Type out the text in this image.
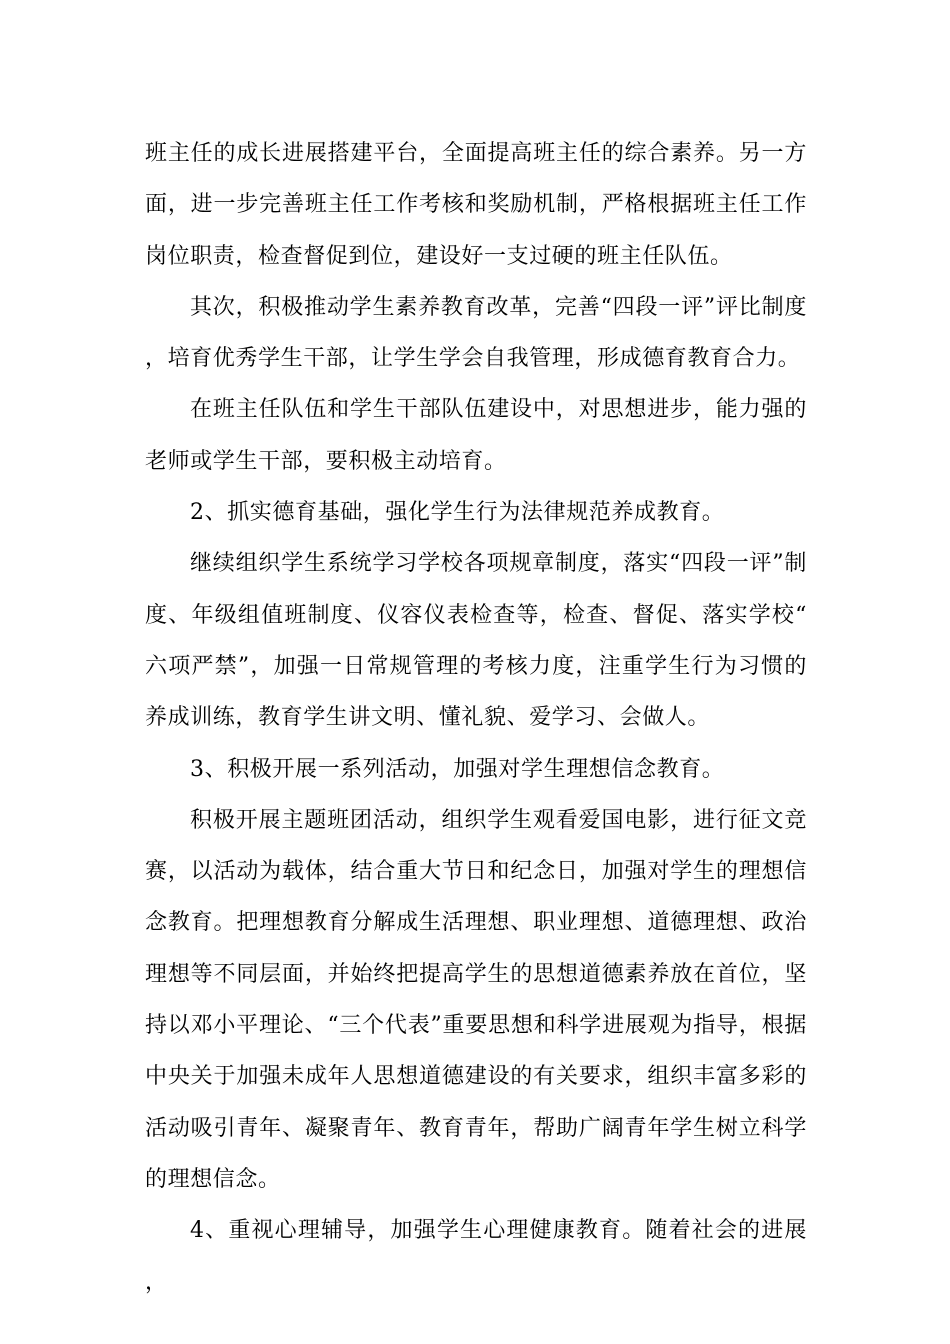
班主任的成长进展搭建平台，全面提高班主任的综合素养。另一方面，进一步完善班主任工作考核和奖励机制，严格根据班主任工作岗位职责，检查督促到位，建设好一支过硬的班主任队伍。

其次，积极推动学生素养教育改革，完善“四段一评”评比制度，培育优秀学生干部，让学生学会自我管理，形成德育教育合力。

在班主任队伍和学生干部队伍建设中，对思想进步，能力强的老师或学生干部，要积极主动培育。

2、抓实德育基础，强化学生行为法律规范养成教育。

继续组织学生系统学习学校各项规章制度，落实“四段一评”制度、年级组值班制度、仪容仪表检查等，检查、督促、落实学校“六项严禁”，加强一日常规管理的考核力度，注重学生行为习惯的养成训练，教育学生讲文明、懂礼貌、爱学习、会做人。

3、积极开展一系列活动，加强对学生理想信念教育。

积极开展主题班团活动，组织学生观看爱国电影，进行征文竞赛，以活动为载体，结合重大节日和纪念日，加强对学生的理想信念教育。把理想教育分解成生活理想、职业理想、道德理想、政治理想等不同层面，并始终把提高学生的思想道德素养放在首位，坚持以邓小平理论、“三个代表”重要思想和科学进展观为指导，根据中央关于加强未成年人思想道德建设的有关要求，组织丰富多彩的活动吸引青年、凝聚青年、教育青年，帮助广阔青年学生树立科学的理想信念。

4、重视心理辅导，加强学生心理健康教育。随着社会的进展，
